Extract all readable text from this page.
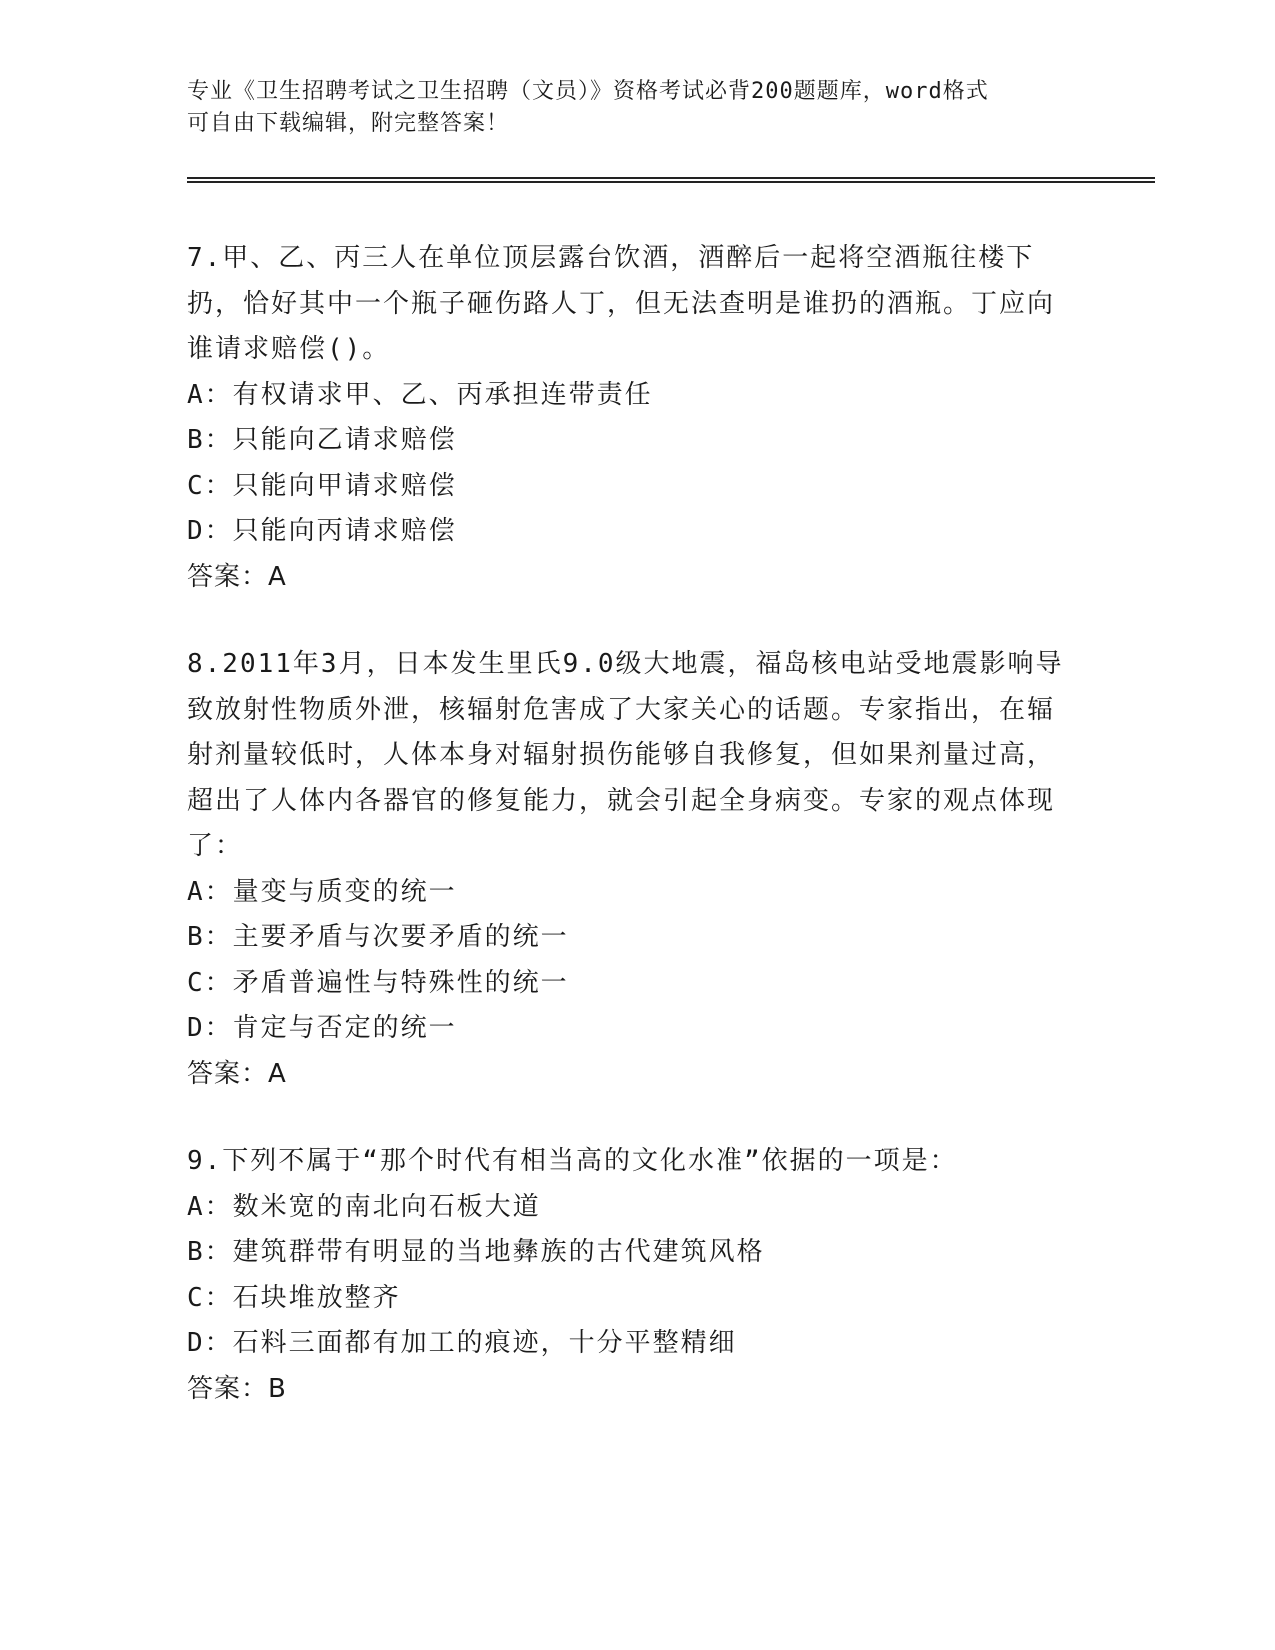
专业《卫生招聘考试之卫生招聘（文员）》资格考试必背200题题库，word格式
可自由下载编辑，附完整答案！
7.甲、乙、丙三人在单位顶层露台饮酒，酒醉后一起将空酒瓶往楼下扔，恰好其中一个瓶子砸伤路人丁，但无法查明是谁扔的酒瓶。丁应向谁请求赔偿()。
A：有权请求甲、乙、丙承担连带责任
B：只能向乙请求赔偿
C：只能向甲请求赔偿
D：只能向丙请求赔偿
答案：A
8.2011年3月，日本发生里氏9.0级大地震，福岛核电站受地震影响导致放射性物质外泄，核辐射危害成了大家关心的话题。专家指出，在辐射剂量较低时，人体本身对辐射损伤能够自我修复，但如果剂量过高，超出了人体内各器官的修复能力，就会引起全身病变。专家的观点体现了：
A：量变与质变的统一
B：主要矛盾与次要矛盾的统一
C：矛盾普遍性与特殊性的统一
D：肯定与否定的统一
答案：A
9.下列不属于“那个时代有相当高的文化水准”依据的一项是：
A：数米宽的南北向石板大道
B：建筑群带有明显的当地彝族的古代建筑风格
C：石块堆放整齐
D：石料三面都有加工的痕迹，十分平整精细
答案：B
